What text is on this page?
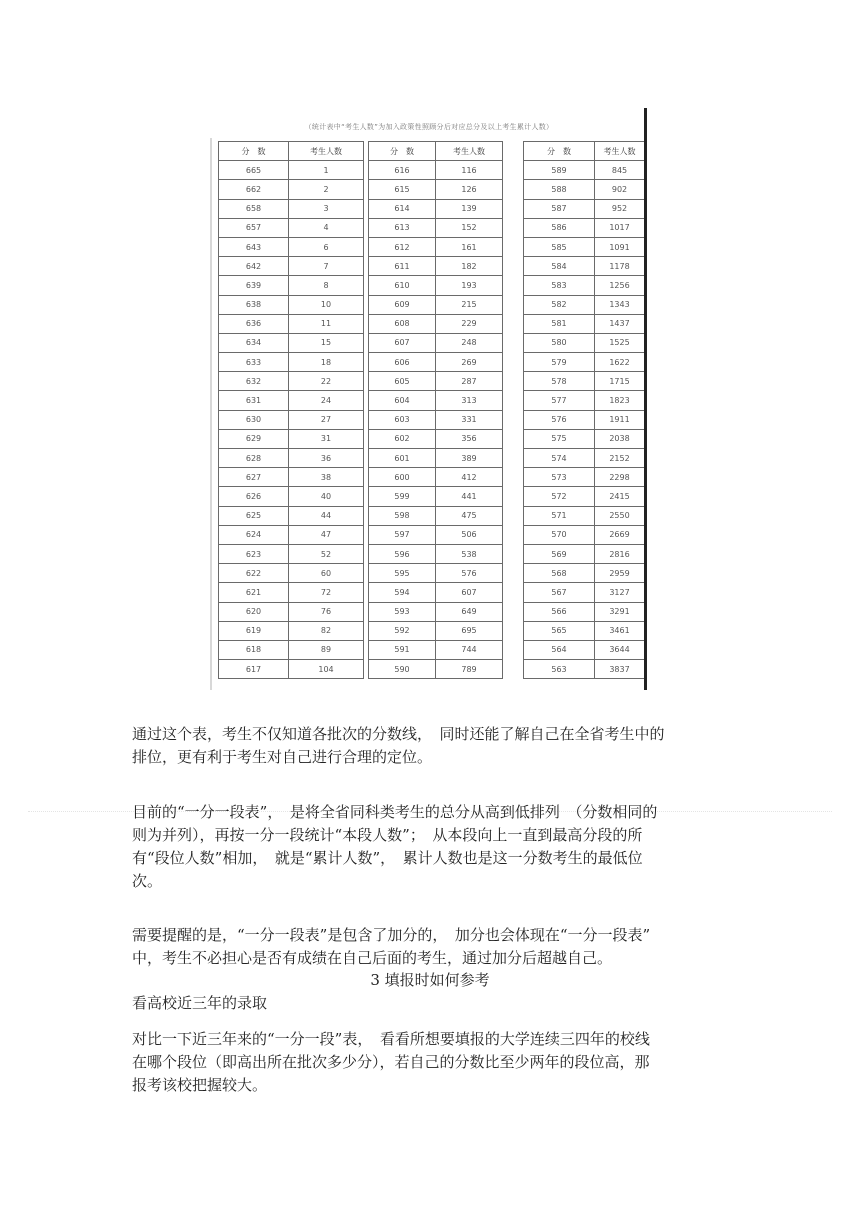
（统计表中“考生人数”为加入政策性照顾分后对应总分及以上考生累计人数）
分　数	考生人数
665	1
662	2
658	3
657	4
643	6
642	7
639	8
638	10
636	11
634	15
633	18
632	22
631	24
630	27
629	31
628	36
627	38
626	40
625	44
624	47
623	52
622	60
621	72
620	76
619	82
618	89
617	104
分　数	考生人数
616	116
615	126
614	139
613	152
612	161
611	182
610	193
609	215
608	229
607	248
606	269
605	287
604	313
603	331
602	356
601	389
600	412
599	441
598	475
597	506
596	538
595	576
594	607
593	649
592	695
591	744
590	789
分　数	考生人数
589	845
588	902
587	952
586	1017
585	1091
584	1178
583	1256
582	1343
581	1437
580	1525
579	1622
578	1715
577	1823
576	1911
575	2038
574	2152
573	2298
572	2415
571	2550
570	2669
569	2816
568	2959
567	3127
566	3291
565	3461
564	3644
563	3837

通过这个表，考生不仅知道各批次的分数线，　同时还能了解自己在全省考生中的

排位，更有利于考生对自己进行合理的定位。

目前的“一分一段表”，　是将全省同科类考生的总分从高到低排列　（分数相同的

则为并列），再按一分一段统计“本段人数”；　从本段向上一直到最高分段的所

有“段位人数”相加，　就是“累计人数”，　累计人数也是这一分数考生的最低位

次。

需要提醒的是，“一分一段表”是包含了加分的，　加分也会体现在“一分一段表”

中，考生不必担心是否有成绩在自己后面的考生，通过加分后超越自己。

3 填报时如何参考

看高校近三年的录取

对比一下近三年来的“一分一段”表，　看看所想要填报的大学连续三四年的校线

在哪个段位（即高出所在批次多少分），若自己的分数比至少两年的段位高，那

报考该校把握较大。
